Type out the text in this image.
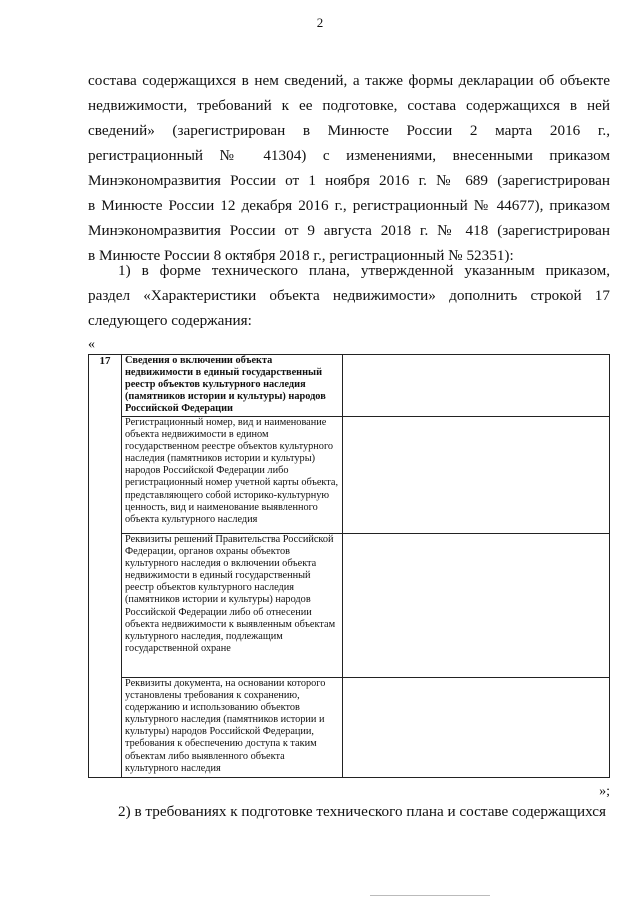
2
состава содержащихся в нем сведений, а также формы декларации об объекте
недвижимости, требований к ее подготовке, состава содержащихся в ней
сведений» (зарегистрирован в Минюсте России 2 марта 2016 г.,
регистрационный № 41304) с изменениями, внесенными приказом
Минэкономразвития России от 1 ноября 2016 г. № 689 (зарегистрирован
в Минюсте России 12 декабря 2016 г., регистрационный № 44677), приказом
Минэкономразвития России от 9 августа 2018 г. № 418 (зарегистрирован
в Минюсте России 8 октября 2018 г., регистрационный № 52351):
1) в форме технического плана, утвержденной указанным приказом,
раздел «Характеристики объекта недвижимости» дополнить строкой 17
следующего содержания:
«
17	Сведения о включении объекта недвижимости в единый государственный реестр объектов культурного наследия (памятников истории и культуры) народов Российской Федерации	
	Регистрационный номер, вид и наименование объекта недвижимости в едином государственном реестре объектов культурного наследия (памятников истории и культуры) народов Российской Федерации либо регистрационный номер учетной карты объекта, представляющего собой историко-культурную ценность, вид и наименование выявленного объекта культурного наследия	
	Реквизиты решений Правительства Российской Федерации, органов охраны объектов культурного наследия о включении объекта недвижимости в единый государственный реестр объектов культурного наследия (памятников истории и культуры) народов Российской Федерации либо об отнесении объекта недвижимости к выявленным объектам культурного наследия, подлежащим государственной охране	
	Реквизиты документа, на основании которого установлены требования к сохранению, содержанию и использованию объектов культурного наследия (памятников истории и культуры) народов Российской Федерации, требования к обеспечению доступа к таким объектам либо выявленного объекта культурного наследия	
»;
2) в требованиях к подготовке технического плана и составе содержащихся
